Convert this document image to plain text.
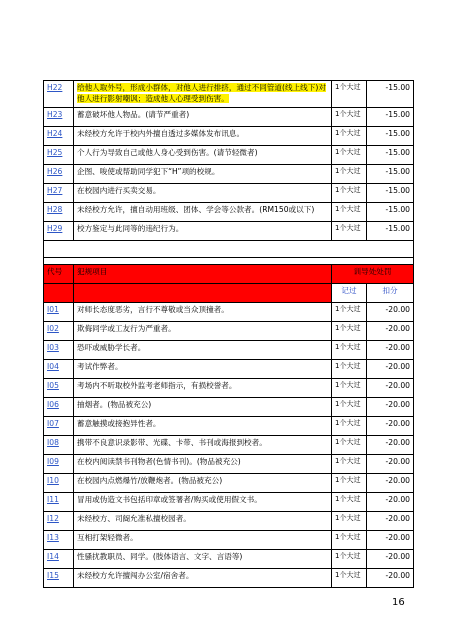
H22	给他人取外号，形成小群体，对他人进行排挤，通过不同管道(线上线下)对他人进行影射嘲讽；造成他人心理受到伤害。	1个大过	-15.00
H23	蓄意破坏他人物品。(请节严重者)	1个大过	-15.00
H24	未经校方允许于校内外擅自透过多媒体发布讯息。	1个大过	-15.00
H25	个人行为导致自己或他人身心受到伤害。(请节轻微者)	1个大过	-15.00
H26	企图、唆使或帮助同学犯下“H”项的校规。	1个大过	-15.00
H27	在校园内进行买卖交易。	1个大过	-15.00
H28	未经校方允许，擅自动用班级、团体、学会等公款者。(RM150或以下)	1个大过	-15.00
H29	校方鉴定与此同等的违纪行为。	1个大过	-15.00

代号	犯规项目	训导处处罚	
		记过	扣分
I01	对师长态度恶劣，言行不尊敬或当众顶撞者。	1个大过	-20.00
I02	欺侮同学或工友行为严重者。	1个大过	-20.00
I03	恐吓或威胁学长者。	1个大过	-20.00
I04	考试作弊者。	1个大过	-20.00
I05	考场内不听取校外监考老师指示，有损校誉者。	1个大过	-20.00
I06	抽烟者。(物品被充公)	1个大过	-20.00
I07	蓄意触摸或接抱异性者。	1个大过	-20.00
I08	携带不良意识录影带、光碟、卡带、书刊或海报到校者。	1个大过	-20.00
I09	在校内阅读禁书刊物者(色情书刊)。(物品被充公)	1个大过	-20.00
I10	在校园内点燃爆竹/放鞭炮者。(物品被充公)	1个大过	-20.00
I11	冒用或伪造文书包括印章或签署者/购买或使用假文书。	1个大过	-20.00
I12	未经校方、司阍允准私擅校园者。	1个大过	-20.00
I13	互相打架轻微者。	1个大过	-20.00
I14	性骚扰教职员、同学。(肢体语言、文字、言语等)	1个大过	-20.00
I15	未经校方允许擅闯办公室/宿舍者。	1个大过	-20.00
16
